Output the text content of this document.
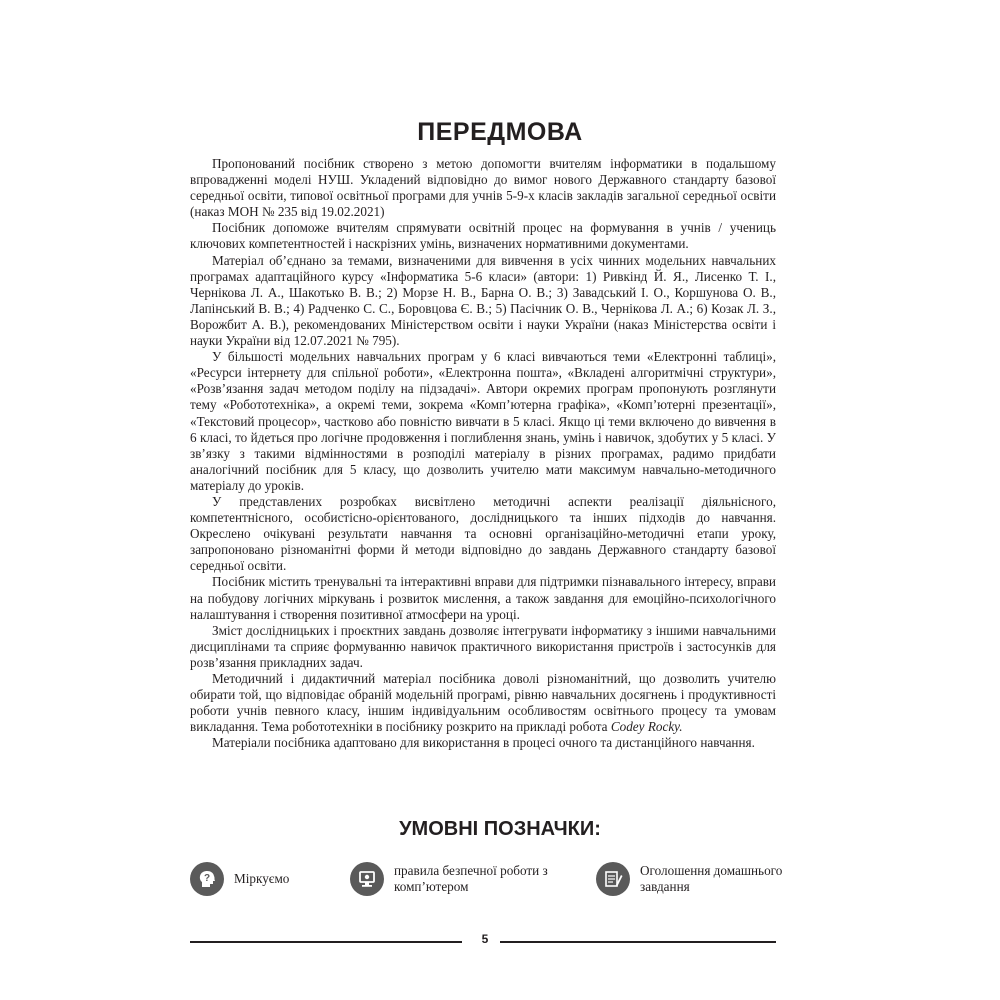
ПЕРЕДМОВА

Пропонований посібник створено з метою допомогти вчителям інформатики в подальшому впровадженні моделі НУШ. Укладений відповідно до вимог нового Державного стандарту базової середньої освіти, типової освітньої програми для учнів 5-9-х класів закладів загальної середньої освіти (наказ МОН № 235 від 19.02.2021)

Посібник допоможе вчителям спрямувати освітній процес на формування в учнів / учениць ключових компетентностей і наскрізних умінь, визначених нормативними документами.

Матеріал об’єднано за темами, визначеними для вивчення в усіх чинних модельних навчальних програмах адаптаційного курсу «Інформатика 5-6 класи» (автори: 1) Ривкінд Й. Я., Лисенко Т. І., Чернікова Л. А., Шакотько В. В.; 2) Морзе Н. В., Барна О. В.; 3) Завадський І. О., Коршунова О. В., Лапінський В. В.; 4) Радченко С. С., Боровцова Є. В.; 5) Пасічник О. В., Чернікова Л. А.; 6) Козак Л. З., Ворожбит А. В.), рекомендованих Міністерством освіти і науки України (наказ Міністерства освіти і науки України від 12.07.2021 № 795).

У більшості модельних навчальних програм у 6 класі вивчаються теми «Електронні таблиці», «Ресурси інтернету для спільної роботи», «Електронна пошта», «Вкладені алгоритмічні структури», «Розв’язання задач методом поділу на підзадачі». Автори окремих програм пропонують розглянути тему «Робототехніка», а окремі теми, зокрема «Комп’ютерна графіка», «Комп’ютерні презентації», «Текстовий процесор», частково або повністю вивчати в 5 класі. Якщо ці теми включено до вивчення в 6 класі, то йдеться про логічне продовження і поглиблення знань, умінь і навичок, здобутих у 5 класі. У зв’язку з такими відмінностями в розподілі матеріалу в різних програмах, радимо придбати аналогічний посібник для 5 класу, що дозволить учителю мати максимум навчально-методичного матеріалу до уроків.

У представлених розробках висвітлено методичні аспекти реалізації діяльнісного, компетентнісного, особистісно-орієнтованого, дослідницького та інших підходів до навчання. Окреслено очікувані результати навчання та основні організаційно-методичні етапи уроку, запропоновано різноманітні форми й методи відповідно до завдань Державного стандарту базової середньої освіти.

Посібник містить тренувальні та інтерактивні вправи для підтримки пізнавального інтересу, вправи на побудову логічних міркувань і розвиток мислення, а також завдання для емоційно-психологічного налаштування і створення позитивної атмосфери на уроці.

Зміст дослідницьких і проєктних завдань дозволяє інтегрувати інформатику з іншими навчальними дисциплінами та сприяє формуванню навичок практичного використання пристроїв і застосунків для розв’язання прикладних задач.

Методичний і дидактичний матеріал посібника доволі різноманітний, що дозволить учителю обирати той, що відповідає обраній модельній програмі, рівню навчальних досягнень і продуктивності роботи учнів певного класу, іншим індивідуальним особливостям освітнього процесу та умовам викладання. Тема робототехніки в посібнику розкрито на прикладі робота Codey Rocky.

Матеріали посібника адаптовано для використання в процесі очного та дистанційного навчання.

УМОВНІ ПОЗНАЧКИ:
? Міркуємо
правила безпечної роботи з комп’ютером
Оголошення домашнього завдання
5
